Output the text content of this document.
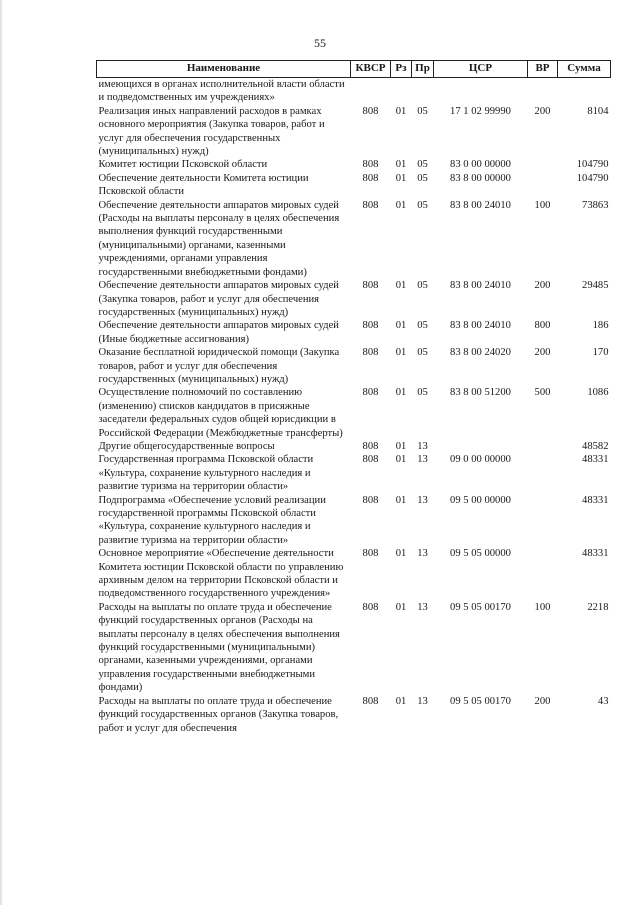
55
Наименование	КВСР	Рз	Пр	ЦСР	ВР	Сумма
имеющихся в органах исполнительной власти области и подведомственных им учреждениях»						
Реализация иных направлений расходов в рамках основного мероприятия (Закупка товаров, работ и услуг для обеспечения государственных (муниципальных) нужд)	808	01	05	17 1 02 99990	200	8104
Комитет юстиции Псковской области	808	01	05	83 0 00 00000		104790
Обеспечение деятельности Комитета юстиции Псковской области	808	01	05	83 8 00 00000		104790
Обеспечение деятельности аппаратов мировых судей (Расходы на выплаты персоналу в целях обеспечения выполнения функций государственными (муниципальными) органами, казенными учреждениями, органами управления государственными внебюджетными фондами)	808	01	05	83 8 00 24010	100	73863
Обеспечение деятельности аппаратов мировых судей (Закупка товаров, работ и услуг для обеспечения государственных (муниципальных) нужд)	808	01	05	83 8 00 24010	200	29485
Обеспечение деятельности аппаратов мировых судей (Иные бюджетные ассигнования)	808	01	05	83 8 00 24010	800	186
Оказание бесплатной юридической помощи (Закупка товаров, работ и услуг для обеспечения государственных (муниципальных) нужд)	808	01	05	83 8 00 24020	200	170
Осуществление полномочий по составлению (изменению) списков кандидатов в присяжные заседатели федеральных судов общей юрисдикции в Российской Федерации (Межбюджетные трансферты)	808	01	05	83 8 00 51200	500	1086
Другие общегосударственные вопросы	808	01	13			48582
Государственная программа Псковской области «Культура, сохранение культурного наследия и развитие туризма на территории области»	808	01	13	09 0 00 00000		48331
Подпрограмма «Обеспечение условий реализации государственной программы Псковской области «Культура, сохранение культурного наследия и развитие туризма на территории области»	808	01	13	09 5 00 00000		48331
Основное мероприятие «Обеспечение деятельности Комитета юстиции Псковской области по управлению архивным делом на территории Псковской области и подведомственного государственного учреждения»	808	01	13	09 5 05 00000		48331
Расходы на выплаты по оплате труда и обеспечение функций государственных органов (Расходы на выплаты персоналу в целях обеспечения выполнения функций государственными (муниципальными) органами, казенными учреждениями, органами управления государственными внебюджетными фондами)	808	01	13	09 5 05 00170	100	2218
Расходы на выплаты по оплате труда и обеспечение функций государственных органов (Закупка товаров, работ и услуг для обеспечения	808	01	13	09 5 05 00170	200	43
